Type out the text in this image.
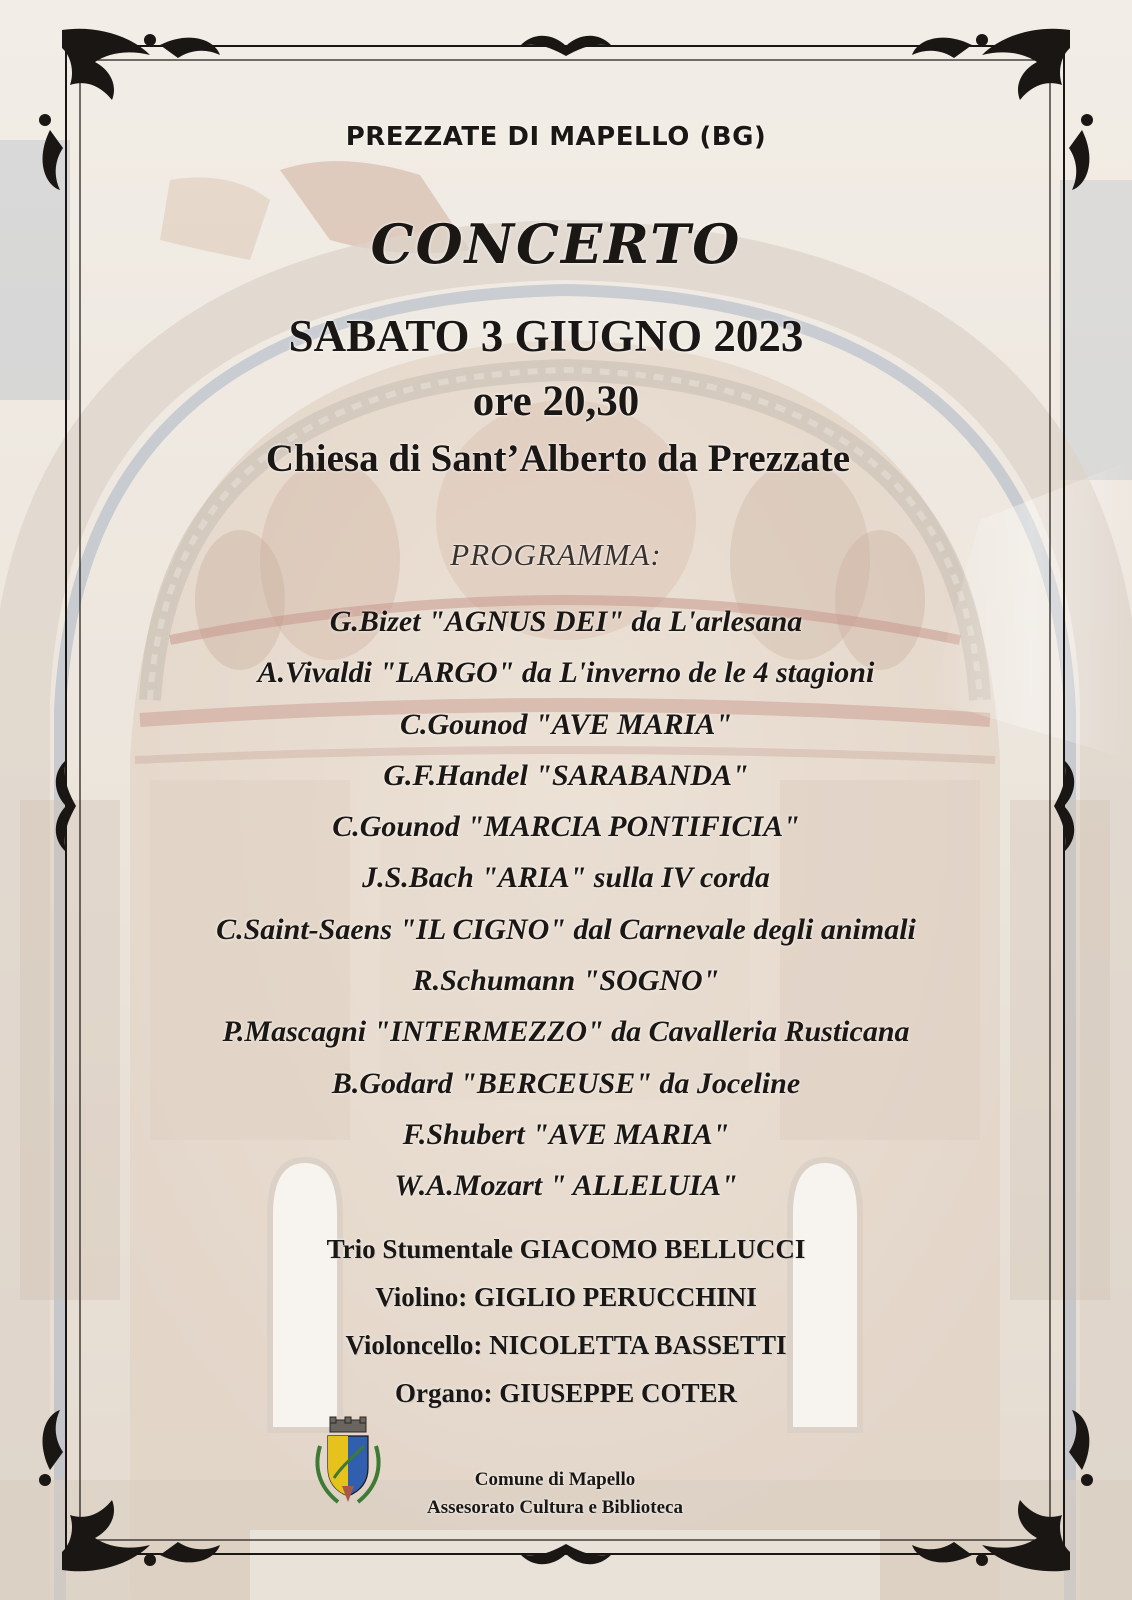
PREZZATE DI MAPELLO (BG)
CONCERTO
SABATO 3 GIUGNO 2023
ore 20,30
Chiesa di Sant’Alberto da Prezzate
PROGRAMMA:
G.Bizet "AGNUS DEI" da L'arlesana
A.Vivaldi "LARGO" da L'inverno de le 4 stagioni
C.Gounod "AVE MARIA"
G.F.Handel "SARABANDA"
C.Gounod "MARCIA PONTIFICIA"
J.S.Bach "ARIA" sulla IV corda
C.Saint-Saens "IL CIGNO" dal Carnevale degli animali
R.Schumann "SOGNO"
P.Mascagni "INTERMEZZO" da Cavalleria Rusticana
B.Godard "BERCEUSE" da Joceline
F.Shubert "AVE MARIA"
W.A.Mozart " ALLELUIA"
Trio Stumentale GIACOMO BELLUCCI
Violino: GIGLIO PERUCCHINI
Violoncello: NICOLETTA BASSETTI
Organo: GIUSEPPE COTER
Comune di Mapello
Assesorato Cultura e Biblioteca
